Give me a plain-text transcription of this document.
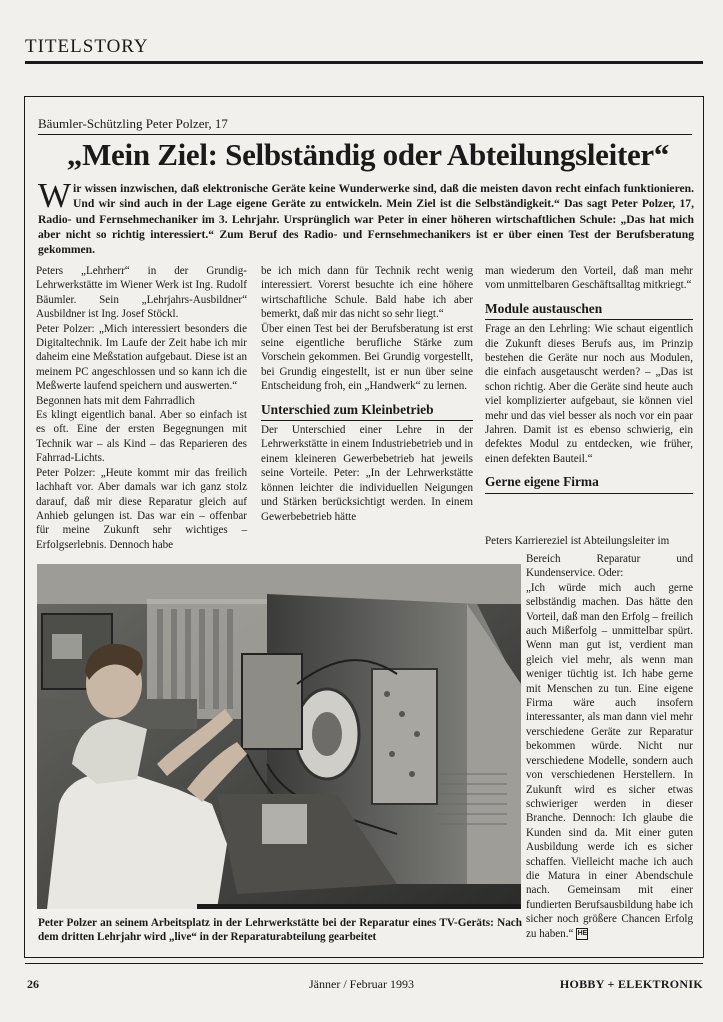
TITELSTORY
Bäumler-Schützling Peter Polzer, 17
„Mein Ziel: Selbständig oder Abteilungsleiter“
Wir wissen inzwischen, daß elektronische Geräte keine Wunderwerke sind, daß die meisten davon recht einfach funktionieren. Und wir sind auch in der Lage eigene Geräte zu entwickeln. Mein Ziel ist die Selbständigkeit.“ Das sagt Peter Polzer, 17, Radio- und Fernsehmechaniker im 3. Lehrjahr. Ursprünglich war Peter in einer höheren wirtschaftlichen Schule: „Das hat mich aber nicht so richtig interessiert.“ Zum Beruf des Radio- und Fernsehmechanikers ist er über einen Test der Berufsberatung gekommen.

Peters „Lehrherr“ in der Grundig-Lehrwerkstätte im Wiener Werk ist Ing. Rudolf Bäumler. Sein „Lehrjahrs-Ausbildner“ Ausbildner ist Ing. Josef Stöckl.

Peter Polzer: „Mich interessiert besonders die Digitaltechnik. Im Laufe der Zeit habe ich mir daheim eine Meßstation aufgebaut. Diese ist an meinem PC angeschlossen und so kann ich die Meßwerte laufend speichern und auswerten.“

Begonnen hats mit dem Fahrradlich

Es klingt eigentlich banal. Aber so einfach ist es oft. Eine der ersten Begegnungen mit Technik war – als Kind – das Reparieren des Fahrrad-Lichts.

Peter Polzer: „Heute kommt mir das freilich lachhaft vor. Aber damals war ich ganz stolz darauf, daß mir diese Reparatur gleich auf Anhieb gelungen ist. Das war ein – offenbar für meine Zukunft sehr wichtiges – Erfolgserlebnis. Dennoch habe

be ich mich dann für Technik recht wenig interessiert. Vorerst besuchte ich eine höhere wirtschaftliche Schule. Bald habe ich aber bemerkt, daß mir das nicht so sehr liegt.“

Über einen Test bei der Berufsberatung ist erst seine eigentliche berufliche Stärke zum Vorschein gekommen. Bei Grundig vorgestellt, bei Grundig eingestellt, ist er nun über seine Entscheidung froh, ein „Handwerk“ zu lernen.

Unterschied zum Kleinbetrieb

Der Unterschied einer Lehre in der Lehrwerkstätte in einem Industriebetrieb und in einem kleineren Gewerbebetrieb hat jeweils seine Vorteile. Peter: „In der Lehrwerkstätte können leichter die individuellen Neigungen und Stärken berücksichtigt werden. In einem Gewerbebetrieb hätte

man wiederum den Vorteil, daß man mehr vom unmittelbaren Geschäftsalltag mitkriegt.“

Module austauschen

Frage an den Lehrling: Wie schaut eigentlich die Zukunft dieses Berufs aus, im Prinzip bestehen die Geräte nur noch aus Modulen, die einfach ausgetauscht werden? – „Das ist schon richtig. Aber die Geräte sind heute auch viel komplizierter aufgebaut, sie können viel mehr und das viel besser als noch vor ein paar Jahren. Damit ist es ebenso schwierig, ein defektes Modul zu entdecken, wie früher, einen defekten Bauteil.“

Gerne eigene Firma
Peters Karriereziel ist Abteilungsleiter im
Peter Polzer an seinem Arbeitsplatz in der Lehrwerkstätte bei der Reparatur eines TV-Geräts: Nach dem dritten Lehrjahr wird „live“ in der Reparaturabteilung gearbeitet

Bereich Reparatur und Kundenservice. Oder:

„Ich würde mich auch gerne selbständig machen. Das hätte den Vorteil, daß man den Erfolg – freilich auch Mißerfolg – unmittelbar spürt. Wenn man gut ist, verdient man gleich viel mehr, als wenn man weniger tüchtig ist. Ich habe gerne mit Menschen zu tun. Eine eigene Firma wäre auch insofern interessanter, als man dann viel mehr verschiedene Geräte zur Reparatur bekommen würde. Nicht nur verschiedene Modelle, sondern auch von verschiedenen Herstellern. In Zukunft wird es sicher etwas schwieriger werden in dieser Branche. Dennoch: Ich glaube die Kunden sind da. Mit einer guten Ausbildung werde ich es sicher schaffen. Vielleicht mache ich auch die Matura in einer Abendschule nach. Gemeinsam mit einer fundierten Berufsausbildung habe ich sicher noch größere Chancen Erfolg zu haben.“ HE

26	Jänner / Februar 1993	HOBBY + ELEKTRONIK
